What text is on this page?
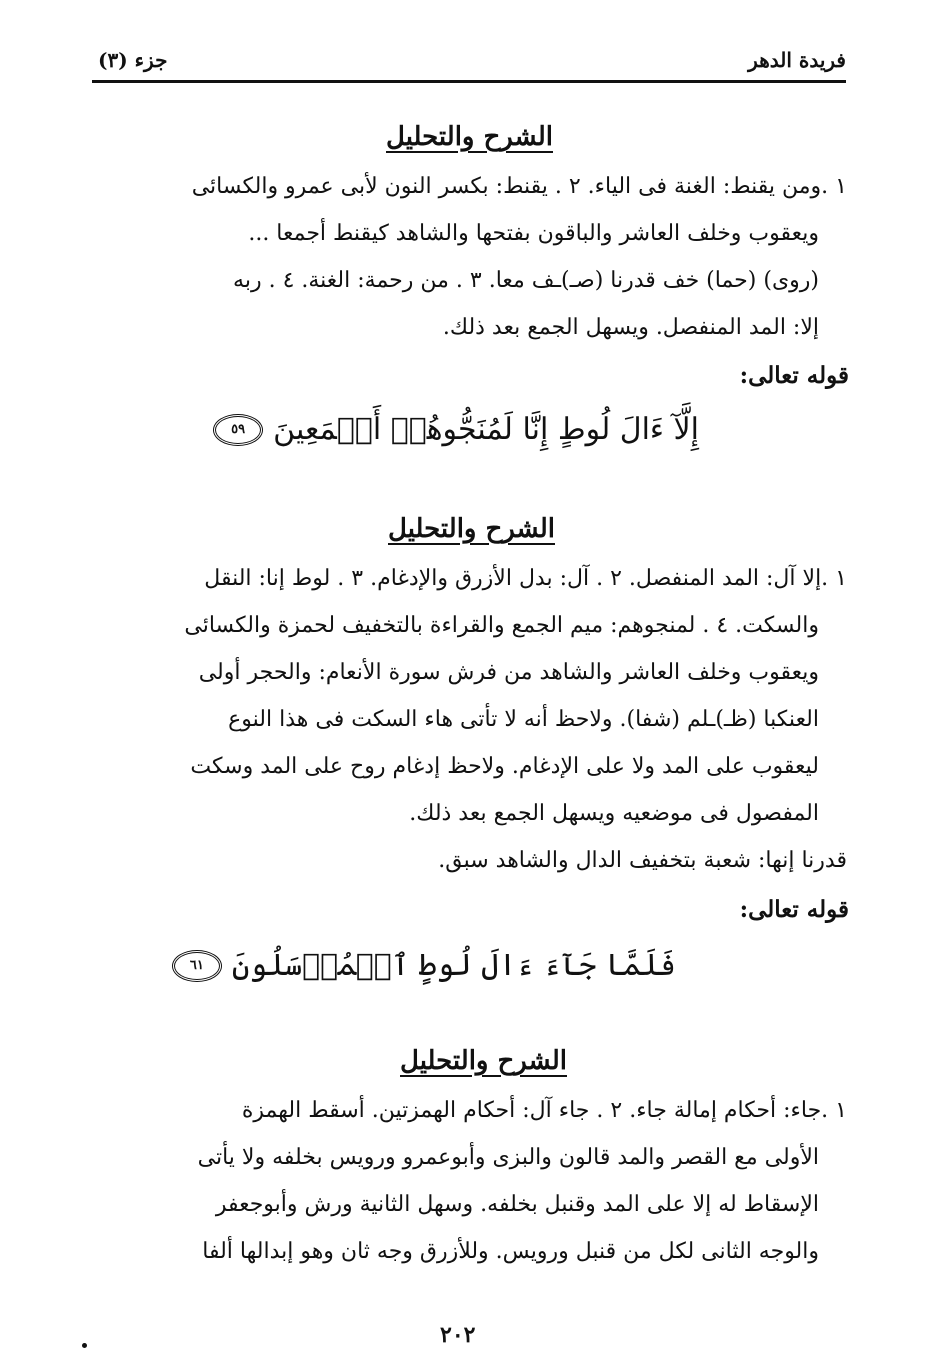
فريدة الدهر
جزء (٣)
الشرح والتحليل
١ .ومن يقنط: الغنة فى الياء. ٢ . يقنط: بكسر النون لأبى عمرو والكسائى
ويعقوب وخلف العاشر والباقون بفتحها والشاهد كيقنط أجمعا ...
(روى) (حما) خف قدرنا (صـ)ـف معا. ٣ . من رحمة: الغنة. ٤ . ربه
إلا: المد المنفصل. ويسهل الجمع بعد ذلك.
قوله تعالى:
إِلَّآ ءَالَ لُوطٍ إِنَّا لَمُنَجُّوهُمۡ أَجۡمَعِينَ
٥٩
الشرح والتحليل
١ .إلا آل: المد المنفصل. ٢ . آل: بدل الأزرق والإدغام. ٣ . لوط إنا: النقل
والسكت. ٤ . لمنجوهم: ميم الجمع والقراءة بالتخفيف لحمزة والكسائى
ويعقوب وخلف العاشر والشاهد من فرش سورة الأنعام: والحجر أولى
العنكبا (ظـ)ـلم (شفا). ولاحظ أنه لا تأتى هاء السكت فى هذا النوع
ليعقوب على المد ولا على الإدغام. ولاحظ إدغام روح على المد وسكت
المفصول فى موضعيه ويسهل الجمع بعد ذلك.
قدرنا إنها: شعبة بتخفيف الدال والشاهد سبق.
قوله تعالى:
فَلَمَّا جَآءَ ءَالَ لُوطٍ ٱلۡمُرۡسَلُونَ
٦١
الشرح والتحليل
١ .جاء: أحكام إمالة جاء. ٢ . جاء آل: أحكام الهمزتين. أسقط الهمزة
الأولى مع القصر والمد قالون والبزى وأبوعمرو ورويس بخلفه ولا يأتى
الإسقاط له إلا على المد وقنبل بخلفه. وسهل الثانية ورش وأبوجعفر
والوجه الثانى لكل من قنبل ورويس. وللأزرق وجه ثان وهو إبدالها ألفا
٢٠٢
